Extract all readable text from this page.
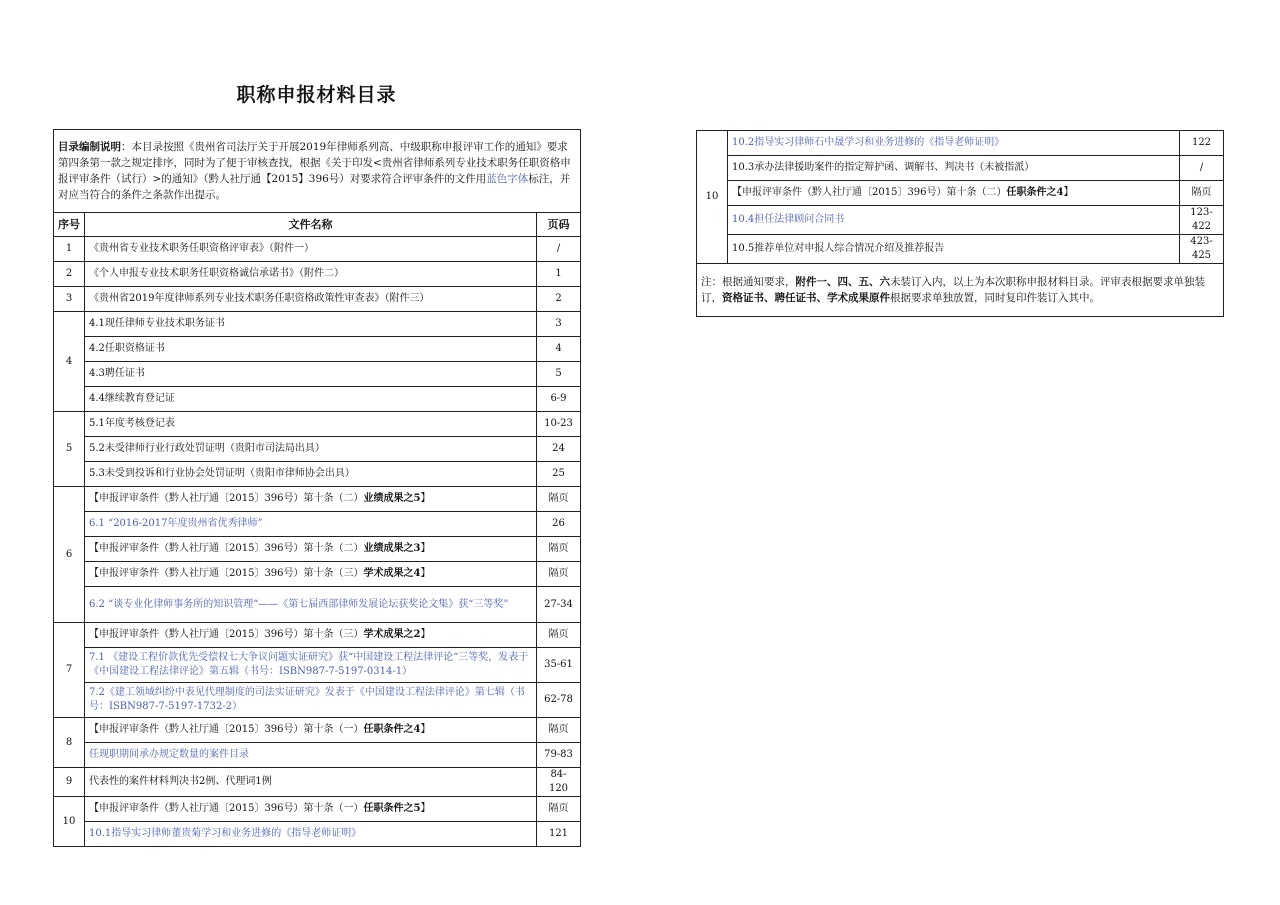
职称申报材料目录
目录编制说明：本目录按照《贵州省司法厅关于开展2019年律师系列高、中级职称申报评审工作的通知》要求第四条第一款之规定排序，同时为了便于审核查找，根据《关于印发<贵州省律师系列专业技术职务任职资格申报评审条件（试行）>的通知》（黔人社厅通【2015】396号）对要求符合评审条件的文件用蓝色字体标注，并对应当符合的条件之条款作出提示。		
序号	文件名称	页码
1	《贵州省专业技术职务任职资格评审表》（附件一）	/
2	《个人申报专业技术职务任职资格诚信承诺书》（附件二）	1
3	《贵州省2019年度律师系列专业技术职务任职资格政策性审查表》（附件三）	2
4	4.1现任律师专业技术职务证书	3
	4.2任职资格证书	4
	4.3聘任证书	5
	4.4继续教育登记证	6-9
5	5.1年度考核登记表	10-23
	5.2未受律师行业行政处罚证明（贵阳市司法局出具）	24
	5.3未受到投诉和行业协会处罚证明（贵阳市律师协会出具）	25
6	【申报评审条件（黔人社厅通〔2015〕396号）第十条（二）业绩成果之5】	隔页
	6.1 “2016-2017年度贵州省优秀律师”	26
	【申报评审条件（黔人社厅通〔2015〕396号）第十条（二）业绩成果之3】	隔页
	【申报评审条件（黔人社厅通〔2015〕396号）第十条（三）学术成果之4】	隔页
	6.2 “谈专业化律师事务所的知识管理“——《第七届西部律师发展论坛获奖论文集》获“三等奖”	27-34
7	【申报评审条件（黔人社厅通〔2015〕396号）第十条（三）学术成果之2】	隔页
	7.1 《建设工程价款优先受偿权七大争议问题实证研究》获“中国建设工程法律评论“三等奖，发表于《中国建设工程法律评论》第五辑（书号：ISBN987-7-5197-0314-1）	35-61
	7.2《建工领域纠纷中表见代理制度的司法实证研究》发表于《中国建设工程法律评论》第七辑（书号：ISBN987-7-5197-1732-2）	62-78
8	【申报评审条件（黔人社厅通〔2015〕396号）第十条（一）任职条件之4】	隔页
	任现职期间承办规定数量的案件目录	79-83
9	代表性的案件材料判决书2例、代理词1例	84-120
10	【申报评审条件（黔人社厅通〔2015〕396号）第十条（一）任职条件之5】	隔页
	10.1指导实习律师董贵菊学习和业务进修的《指导老师证明》	121
10	10.2指导实习律师石中晟学习和业务进修的《指导老师证明》	122
	10.3承办法律援助案件的指定辩护函、调解书、判决书（未被指派）	/
	【申报评审条件（黔人社厅通〔2015〕396号）第十条（二）任职条件之4】	隔页
	10.4担任法律顾问合同书	123-422
	10.5推荐单位对申报人综合情况介绍及推荐报告	423-425
注：根据通知要求，附件一、四、五、六未装订入内，以上为本次职称申报材料目录。评审表根据要求单独装订，资格证书、聘任证书、学术成果原件根据要求单独放置，同时复印件装订入其中。		
